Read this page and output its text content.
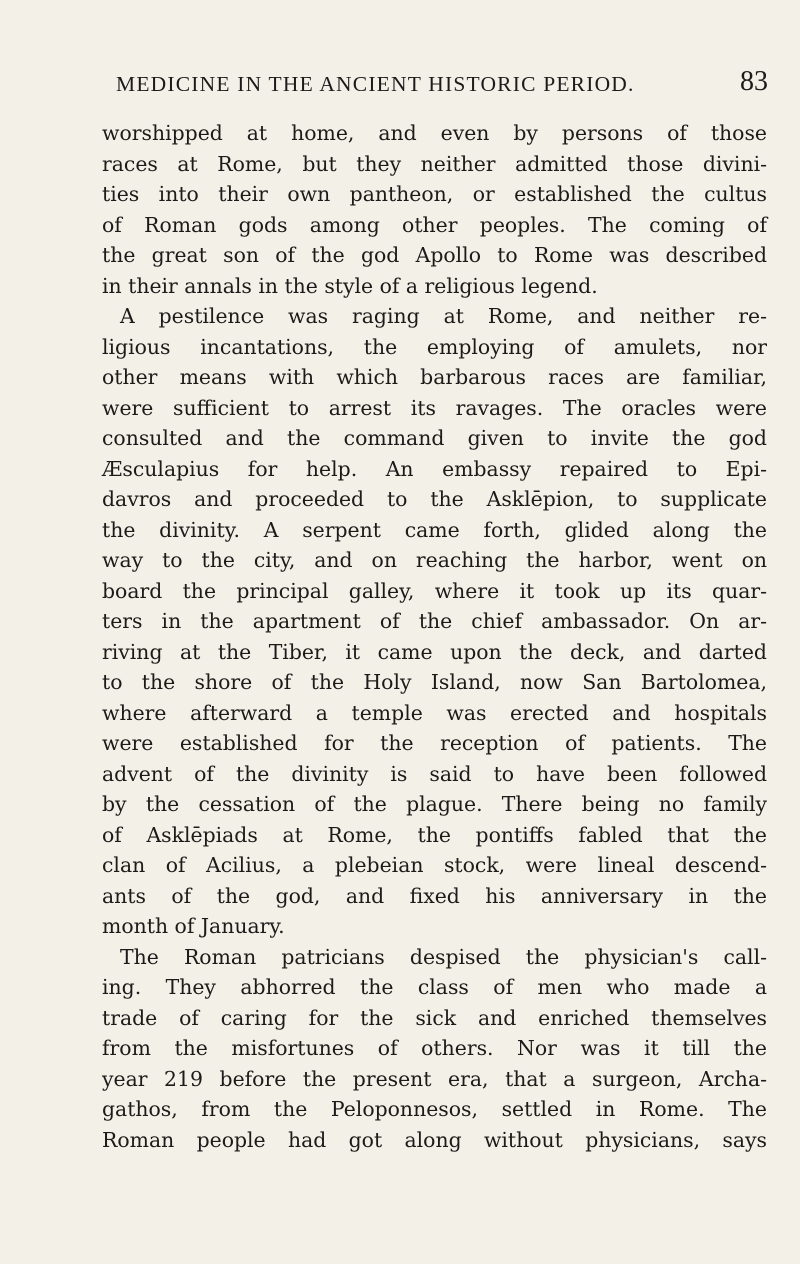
MEDICINE IN THE ANCIENT HISTORIC PERIOD.	83
worshipped at home, and even by persons of those
races at Rome, but they neither admitted those divini-
ties into their own pantheon, or established the cultus
of Roman gods among other peoples. The coming of
the great son of the god Apollo to Rome was described
in their annals in the style of a religious legend.
A pestilence was raging at Rome, and neither re-
ligious incantations, the employing of amulets, nor
other means with which barbarous races are familiar,
were sufficient to arrest its ravages. The oracles were
consulted and the command given to invite the god
Æsculapius for help. An embassy repaired to Epi-
davros and proceeded to the Asklēpion, to supplicate
the divinity. A serpent came forth, glided along the
way to the city, and on reaching the harbor, went on
board the principal galley, where it took up its quar-
ters in the apartment of the chief ambassador. On ar-
riving at the Tiber, it came upon the deck, and darted
to the shore of the Holy Island, now San Bartolomea,
where afterward a temple was erected and hospitals
were established for the reception of patients. The
advent of the divinity is said to have been followed
by the cessation of the plague. There being no family
of Asklēpiads at Rome, the pontiffs fabled that the
clan of Acilius, a plebeian stock, were lineal descend-
ants of the god, and fixed his anniversary in the
month of January.
The Roman patricians despised the physician's call-
ing. They abhorred the class of men who made a
trade of caring for the sick and enriched themselves
from the misfortunes of others. Nor was it till the
year 219 before the present era, that a surgeon, Archa-
gathos, from the Peloponnesos, settled in Rome. The
Roman people had got along without physicians, says
